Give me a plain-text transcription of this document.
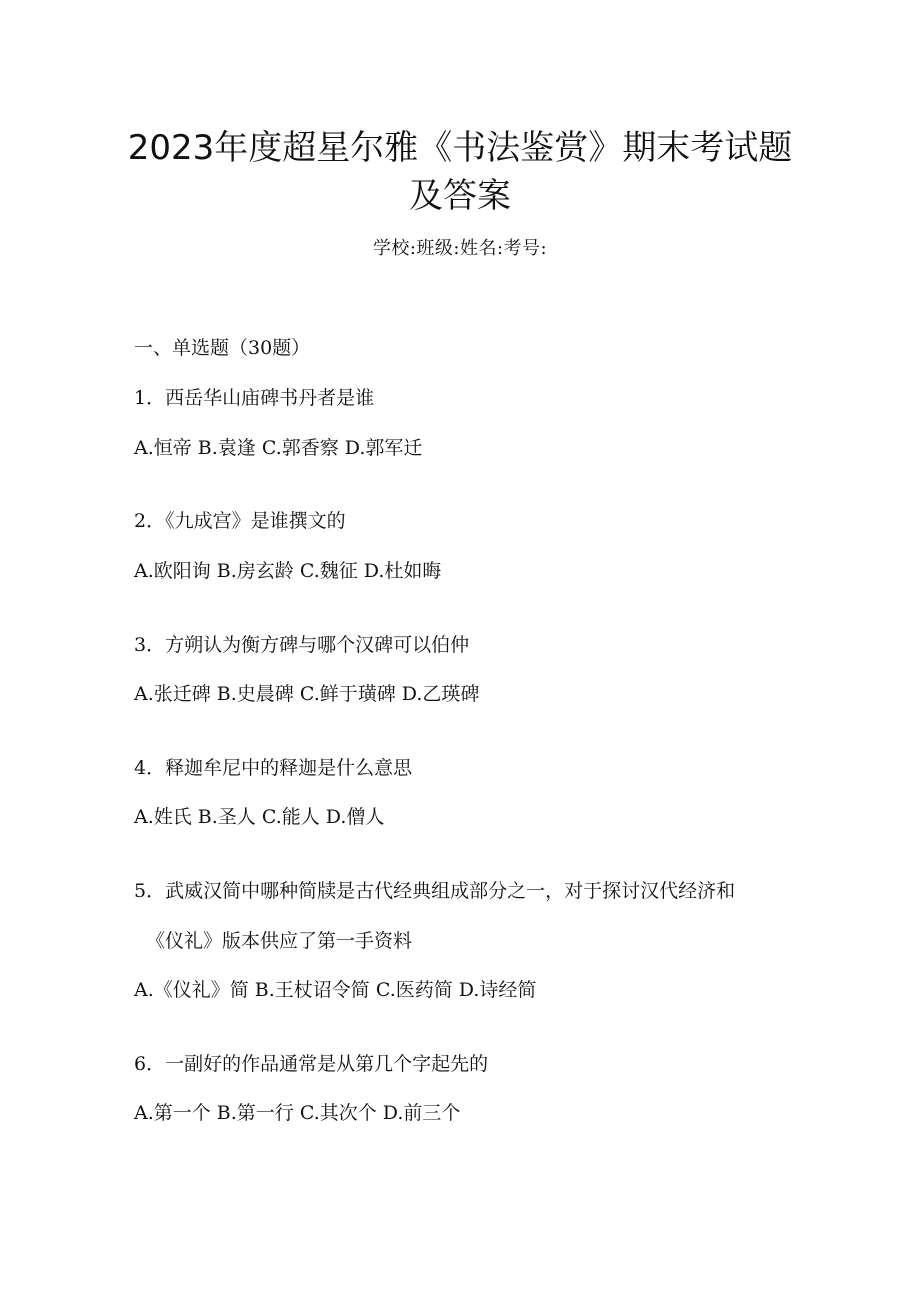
2023年度超星尔雅《书法鉴赏》期末考试题
及答案
学校:班级:姓名:考号:
一、单选题（30题）
1．西岳华山庙碑书丹者是谁
A.恒帝 B.袁逢 C.郭香察 D.郭军迁
2．《九成宫》是谁撰文的
A.欧阳询 B.房玄龄 C.魏征 D.杜如晦
3．方朔认为衡方碑与哪个汉碑可以伯仲
A.张迁碑 B.史晨碑 C.鲜于璜碑 D.乙瑛碑
4．释迦牟尼中的释迦是什么意思
A.姓氏 B.圣人 C.能人 D.僧人
5．武威汉简中哪种简牍是古代经典组成部分之一，对于探讨汉代经济和
《仪礼》版本供应了第一手资料
A.《仪礼》简 B.王杖诏令简 C.医药简 D.诗经简
6．一副好的作品通常是从第几个字起先的
A.第一个 B.第一行 C.其次个 D.前三个
